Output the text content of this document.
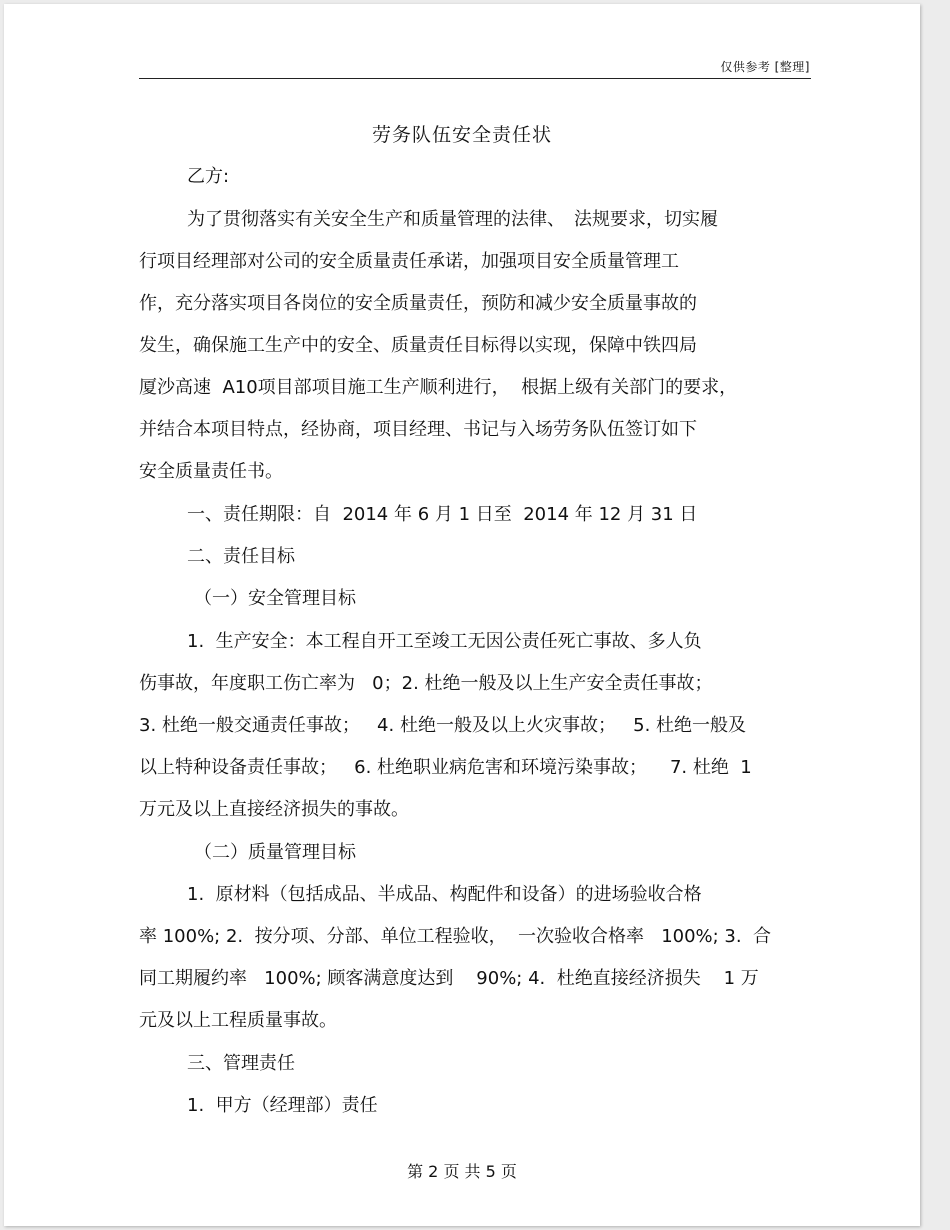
仅供参考 [整理]
劳务队伍安全责任状
乙方:
为了贯彻落实有关安全生产和质量管理的法律、　法规要求，切实履
行项目经理部对公司的安全质量责任承诺，加强项目安全质量管理工
作，充分落实项目各岗位的安全质量责任，预防和减少安全质量事故的
发生，确保施工生产中的安全、质量责任目标得以实现，保障中铁四局
厦沙高速  A10项目部项目施工生产顺利进行，  根据上级有关部门的要求，
并结合本项目特点，经协商，项目经理、书记与入场劳务队伍签订如下
安全质量责任书。
一、责任期限：自  2014 年 6 月 1 日至  2014 年 12 月 31 日
二、责任目标
（一）安全管理目标
1.  生产安全：本工程自开工至竣工无因公责任死亡事故、多人负
伤事故，年度职工伤亡率为   0；2. 杜绝一般及以上生产安全责任事故；
3. 杜绝一般交通责任事故；   4. 杜绝一般及以上火灾事故；   5. 杜绝一般及
以上特种设备责任事故；   6. 杜绝职业病危害和环境污染事故；    7. 杜绝  1
万元及以上直接经济损失的事故。
（二）质量管理目标
1.  原材料（包括成品、半成品、构配件和设备）的进场验收合格
率 100%; 2.  按分项、分部、单位工程验收，  一次验收合格率   100%; 3.  合
同工期履约率   100%; 顾客满意度达到    90%; 4.  杜绝直接经济损失    1 万
元及以上工程质量事故。
三、管理责任
1.  甲方（经理部）责任
第 2 页 共 5 页
